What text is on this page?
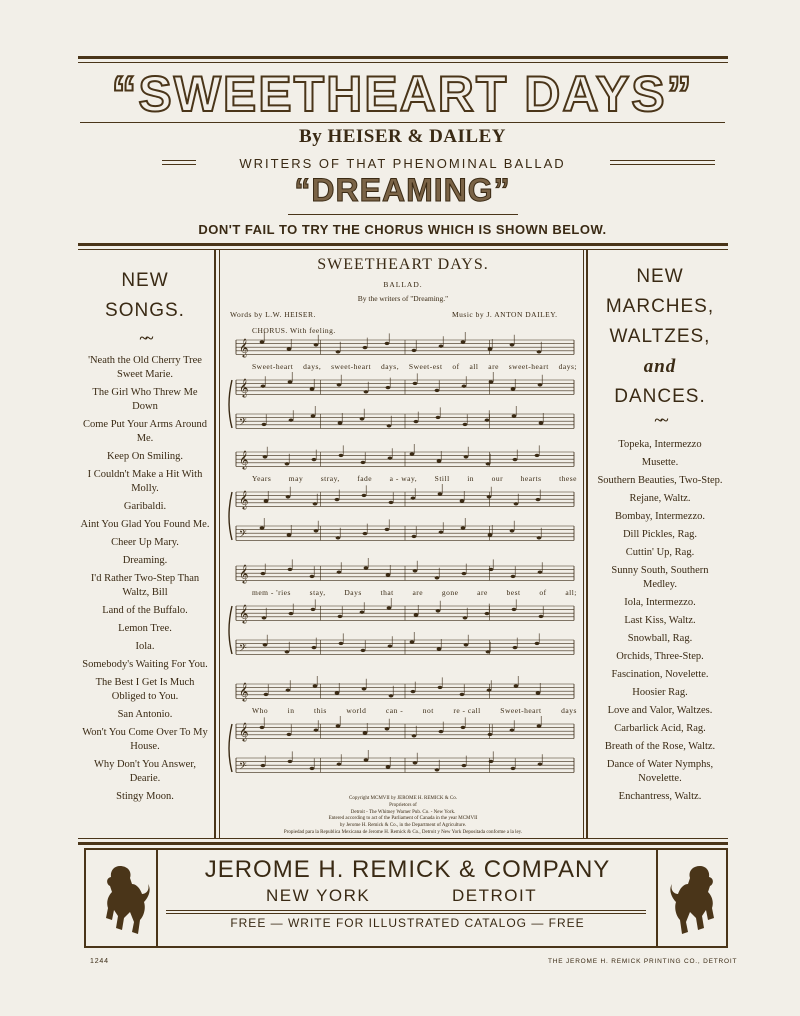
“SWEETHEART DAYS”
By HEISER & DAILEY
WRITERS OF THAT PHENOMINAL BALLAD
“DREAMING”
DON'T FAIL TO TRY THE CHORUS WHICH IS SHOWN BELOW.
NEW
SONGS.
~~
'Neath the Old Cherry Tree Sweet Marie.
The Girl Who Threw Me Down
Come Put Your Arms Around Me.
Keep On Smiling.
I Couldn't Make a Hit With Molly.
Garibaldi.
Aint You Glad You Found Me.
Cheer Up Mary.
Dreaming.
I'd Rather Two-Step Than Waltz, Bill
Land of the Buffalo.
Lemon Tree.
Iola.
Somebody's Waiting For You.
The Best I Get Is Much Obliged to You.
San Antonio.
Won't You Come Over To My House.
Why Don't You Answer, Dearie.
Stingy Moon.
SWEETHEART DAYS.
BALLAD.
By the writers of "Dreaming."
Words by L.W. HEISER.	Music by J. ANTON DAILEY.
CHORUS. With feeling.
𝄞
𝄞
𝄢
𝄞
𝄞
𝄢
𝄞
𝄞
𝄢
𝄞
𝄞
𝄢
Sweet-heart days, sweet-heart days, Sweet-est of all are sweet-heart days;
Years may stray, fade a - way, Still in our hearts these
mem - 'ries stay, Days that are gone are best of all;
Who	in	this	world	can -	not	re - call	Sweet-heart	days
Copyright MCMVII by JEROME H. REMICK & Co.
Proprietors of
Detroit - The Whitney Warner Pub. Co. - New York.
Entered according to act of the Parliament of Canada in the year MCMVII
by Jerome H. Remick & Co., in the Department of Agriculture.
Propiedad para la Republica Mexicana de Jerome H. Remick & Co., Detroit y New York Depositada conforme a la ley.
NEW
MARCHES,
WALTZES,
and
DANCES.
~~
Topeka, Intermezzo
Musette.
Southern Beauties, Two-Step.
Rejane, Waltz.
Bombay, Intermezzo.
Dill Pickles, Rag.
Cuttin' Up, Rag.
Sunny South, Southern Medley.
Iola, Intermezzo.
Last Kiss, Waltz.
Snowball, Rag.
Orchids, Three-Step.
Fascination, Novelette.
Hoosier Rag.
Love and Valor, Waltzes.
Carbarlick Acid, Rag.
Breath of the Rose, Waltz.
Dance of Water Nymphs, Novelette.
Enchantress, Waltz.
JEROME H. REMICK & COMPANY
NEW YORK	DETROIT
FREE — WRITE FOR ILLUSTRATED CATALOG — FREE
1244	THE JEROME H. REMICK PRINTING CO., DETROIT
